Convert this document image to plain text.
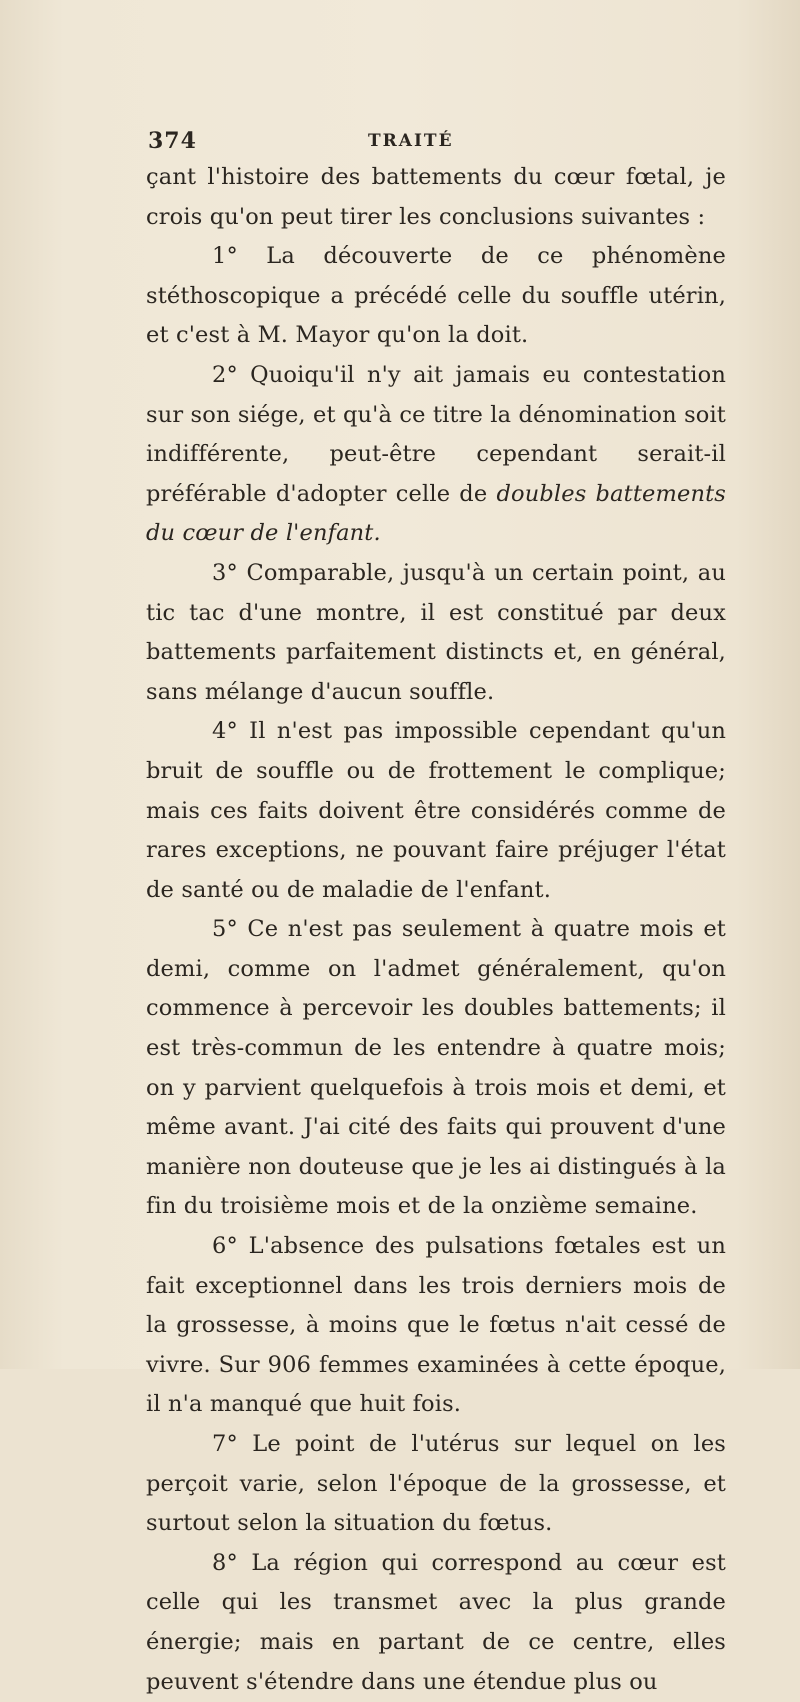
374	TRAITÉ

çant l'histoire des battements du cœur fœtal, je crois qu'on peut tirer les conclusions suivantes :

1° La découverte de ce phénomène stéthoscopique a précédé celle du souffle utérin, et c'est à M. Mayor qu'on la doit.

2° Quoiqu'il n'y ait jamais eu contestation sur son siége, et qu'à ce titre la dénomination soit indifférente, peut-être cependant serait-il préférable d'adopter celle de doubles battements du cœur de l'enfant.

3° Comparable, jusqu'à un certain point, au tic tac d'une montre, il est constitué par deux battements parfaitement distincts et, en général, sans mélange d'aucun souffle.

4° Il n'est pas impossible cependant qu'un bruit de souffle ou de frottement le complique; mais ces faits doivent être considérés comme de rares exceptions, ne pouvant faire préjuger l'état de santé ou de maladie de l'enfant.

5° Ce n'est pas seulement à quatre mois et demi, comme on l'admet généralement, qu'on commence à percevoir les doubles battements; il est très-commun de les entendre à quatre mois; on y parvient quelquefois à trois mois et demi, et même avant. J'ai cité des faits qui prouvent d'une manière non douteuse que je les ai distingués à la fin du troisième mois et de la onzième semaine.

6° L'absence des pulsations fœtales est un fait exceptionnel dans les trois derniers mois de la grossesse, à moins que le fœtus n'ait cessé de vivre. Sur 906 femmes examinées à cette époque, il n'a manqué que huit fois.

7° Le point de l'utérus sur lequel on les perçoit varie, selon l'époque de la grossesse, et surtout selon la situation du fœtus.

8° La région qui correspond au cœur est celle qui les transmet avec la plus grande énergie; mais en partant de ce centre, elles peuvent s'étendre dans une étendue plus ou
